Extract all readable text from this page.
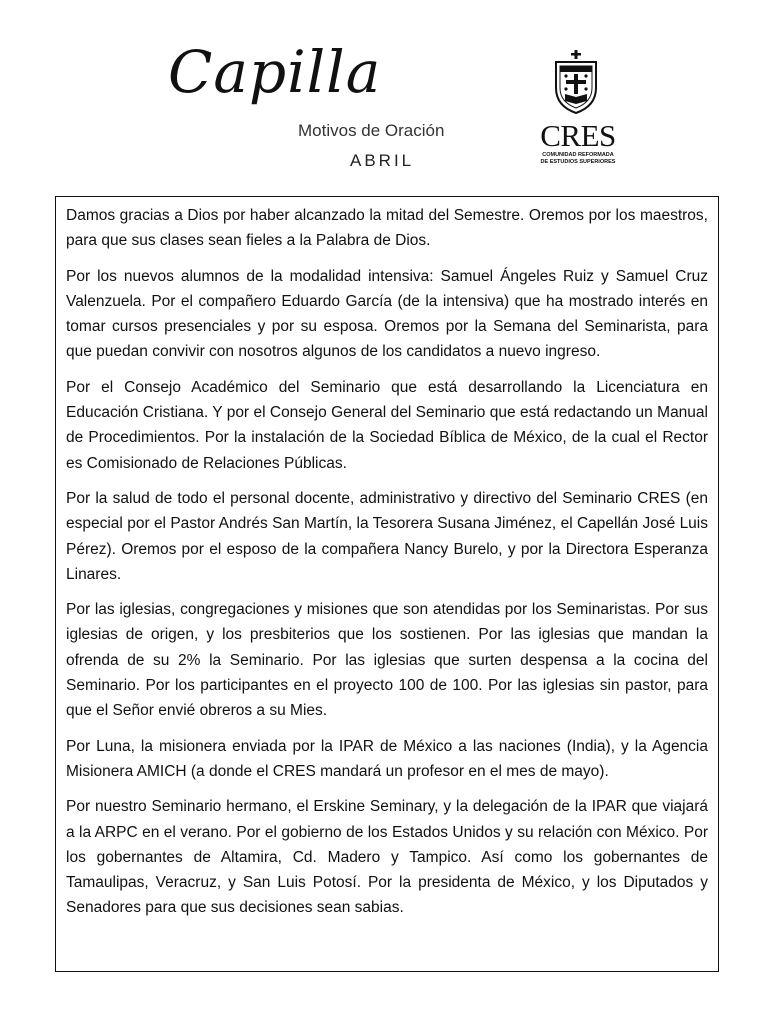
Capilla
Motivos de Oración
ABRIL
CRES
COMUNIDAD REFORMADA
DE ESTUDIOS SUPERIORES

Damos gracias a Dios por haber alcanzado la mitad del Semestre. Oremos por los maestros, para que sus clases sean fieles a la Palabra de Dios.

Por los nuevos alumnos de la modalidad intensiva: Samuel Ángeles Ruiz y Samuel Cruz Valenzuela. Por el compañero Eduardo García (de la intensiva) que ha mostrado interés en tomar cursos presenciales y por su esposa. Oremos por la Semana del Seminarista, para que puedan convivir con nosotros algunos de los candidatos a nuevo ingreso.

Por el Consejo Académico del Seminario que está desarrollando la Licenciatura en Educación Cristiana. Y por el Consejo General del Seminario que está redactando un Manual de Procedimientos. Por la instalación de la Sociedad Bíblica de México, de la cual el Rector es Comisionado de Relaciones Públicas.

Por la salud de todo el personal docente, administrativo y directivo del Seminario CRES (en especial por el Pastor Andrés San Martín, la Tesorera Susana Jiménez, el Capellán José Luis Pérez). Oremos por el esposo de la compañera Nancy Burelo, y por la Directora Esperanza Linares.

Por las iglesias, congregaciones y misiones que son atendidas por los Seminaristas. Por sus iglesias de origen, y los presbiterios que los sostienen. Por las iglesias que mandan la ofrenda de su 2% la Seminario. Por las iglesias que surten despensa a la cocina del Seminario. Por los participantes en el proyecto 100 de 100. Por las iglesias sin pastor, para que el Señor envié obreros a su Mies.

Por Luna, la misionera enviada por la IPAR de México a las naciones (India), y la Agencia Misionera AMICH (a donde el CRES mandará un profesor en el mes de mayo).

Por nuestro Seminario hermano, el Erskine Seminary, y la delegación de la IPAR que viajará a la ARPC en el verano. Por el gobierno de los Estados Unidos y su relación con México. Por los gobernantes de Altamira, Cd. Madero y Tampico. Así como los gobernantes de Tamaulipas, Veracruz, y San Luis Potosí. Por la presidenta de México, y los Diputados y Senadores para que sus decisiones sean sabias.
